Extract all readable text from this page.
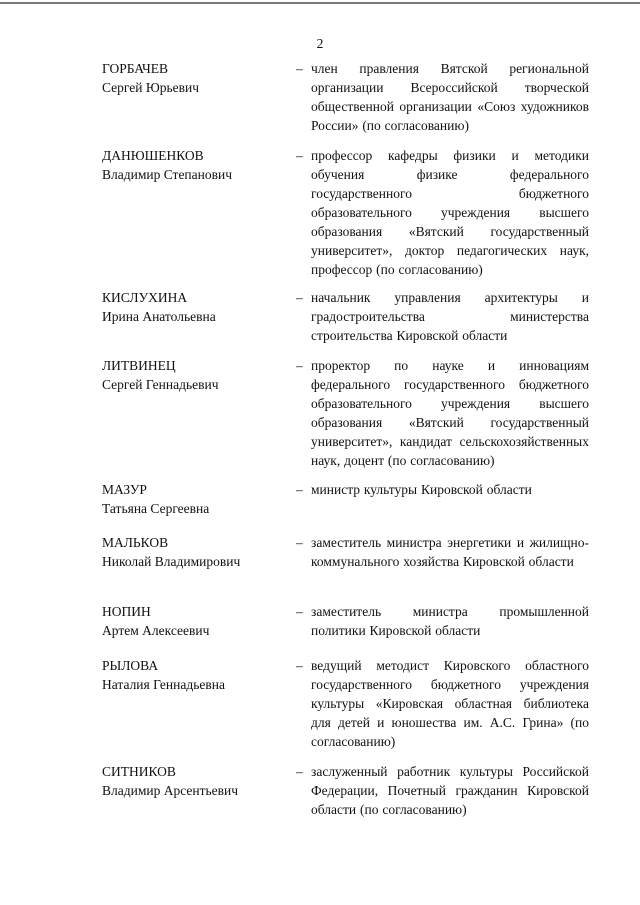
2
ГОРБАЧЕВ
Сергей Юрьевич
– член правления Вятской региональной организации Всероссийской творческой общественной организации «Союз художников России» (по согласованию)
ДАНЮШЕНКОВ
Владимир Степанович
– профессор кафедры физики и методики обучения физике федерального государственного бюджетного образовательного учреждения высшего образования «Вятский государственный университет», доктор педагогических наук, профессор (по согласованию)
КИСЛУХИНА
Ирина Анатольевна
– начальник управления архитектуры и градостроительства министерства строительства Кировской области
ЛИТВИНЕЦ
Сергей Геннадьевич
– проректор по науке и инновациям федерального государственного бюджетного образовательного учреждения высшего образования «Вятский государственный университет», кандидат сельскохозяйственных наук, доцент (по согласованию)
МАЗУР
Татьяна Сергеевна
– министр культуры Кировской области
МАЛЬКОВ
Николай Владимирович
– заместитель министра энергетики и жилищно-коммунального хозяйства Кировской области
НОПИН
Артем Алексеевич
– заместитель министра промышленной политики Кировской области
РЫЛОВА
Наталия Геннадьевна
– ведущий методист Кировского областного государственного бюджетного учреждения культуры «Кировская областная библиотека для детей и юношества им. А.С. Грина» (по согласованию)
СИТНИКОВ
Владимир Арсентьевич
– заслуженный работник культуры Российской Федерации, Почетный гражданин Кировской области (по согласованию)
